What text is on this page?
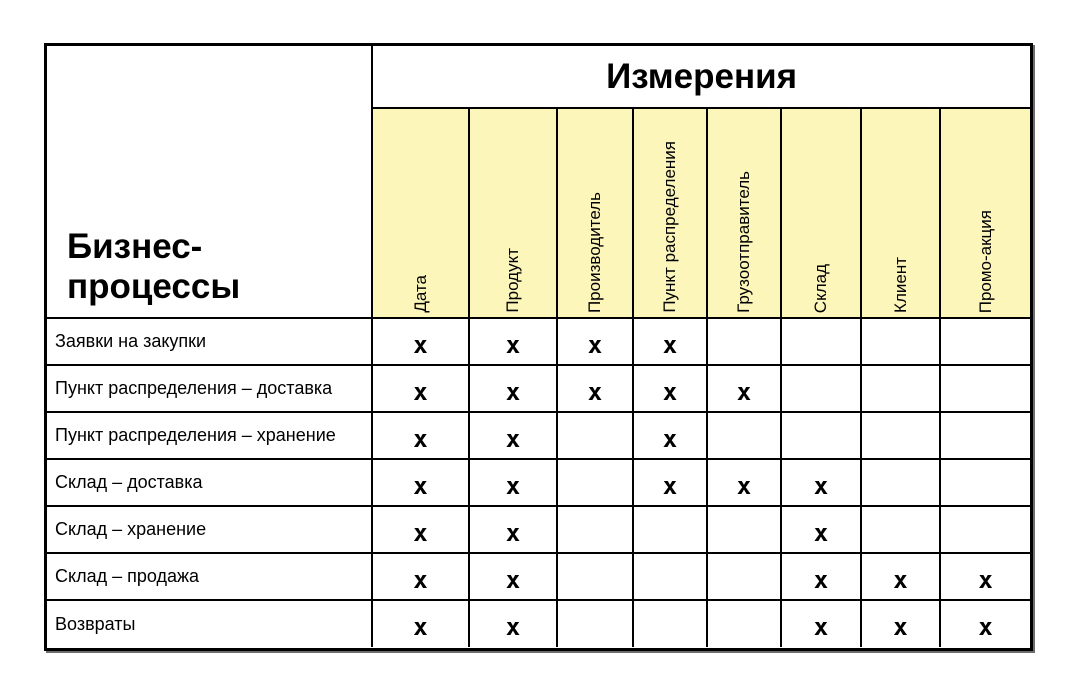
Бизнес-
процессы	Измерения							

	Дата	Продукт	Производитель	Пункт распределения	Грузоотправитель	Склад	Клиент	Промо-акция

Заявки на закупки	x	x	x	x				
Пункт распределения – доставка	x	x	x	x	x			
Пункт распределения – хранение	x	x		x				
Склад – доставка	x	x		x	x	x		
Склад – хранение	x	x				x		
Склад – продажа	x	x				x	x	x
Возвраты	x	x				x	x	x
